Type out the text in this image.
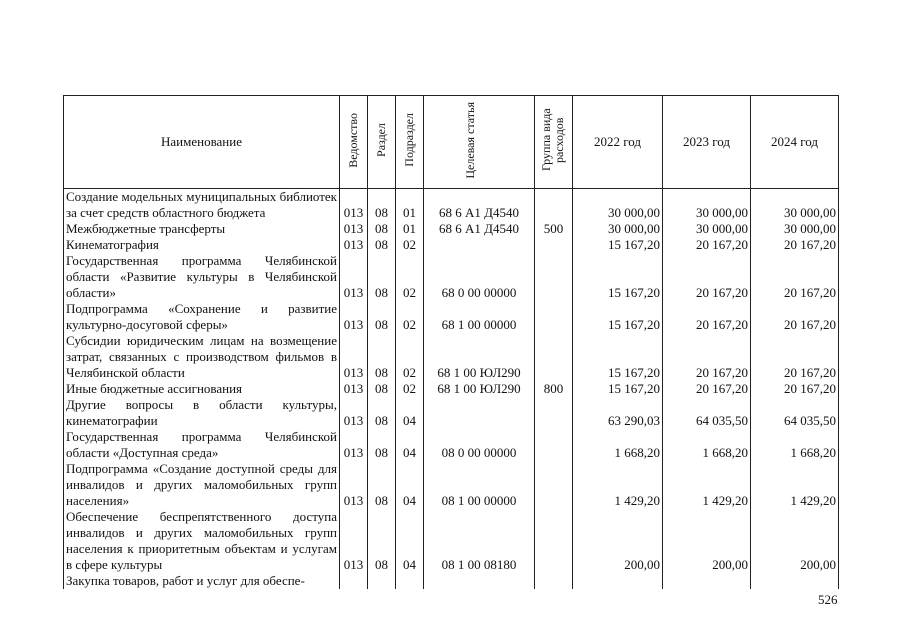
Наименование	Ведомство	Раздел	Подраздел	Целевая статья	Группа вида расходов	2022 год	2023 год	2024 год
Создание модельных муниципальных библиотек за счет средств областного бюджета	013	08	01	68 6 А1 Д4540		30 000,00	30 000,00	30 000,00
Межбюджетные трансферты	013	08	01	68 6 А1 Д4540	500	30 000,00	30 000,00	30 000,00
Кинематография	013	08	02			15 167,20	20 167,20	20 167,20
Государственная программа Челябинской области «Развитие культуры в Челябинской области»	013	08	02	68 0 00 00000		15 167,20	20 167,20	20 167,20
Подпрограмма «Сохранение и развитие культурно-досуговой сферы»	013	08	02	68 1 00 00000		15 167,20	20 167,20	20 167,20
Субсидии юридическим лицам на возмещение затрат, связанных с производством фильмов в Челябинской области	013	08	02	68 1 00 ЮЛ290		15 167,20	20 167,20	20 167,20
Иные бюджетные ассигнования	013	08	02	68 1 00 ЮЛ290	800	15 167,20	20 167,20	20 167,20
Другие вопросы в области культуры, кинематографии	013	08	04			63 290,03	64 035,50	64 035,50
Государственная программа Челябинской области «Доступная среда»	013	08	04	08 0 00 00000		1 668,20	1 668,20	1 668,20
Подпрограмма «Создание доступной среды для инвалидов и других маломобильных групп населения»	013	08	04	08 1 00 00000		1 429,20	1 429,20	1 429,20
Обеспечение беспрепятственного доступа инвалидов и других маломобильных групп населения к приоритетным объектам и услугам в сфере культуры	013	08	04	08 1 00 08180		200,00	200,00	200,00
Закупка товаров, работ и услуг для обеспе-								
526
